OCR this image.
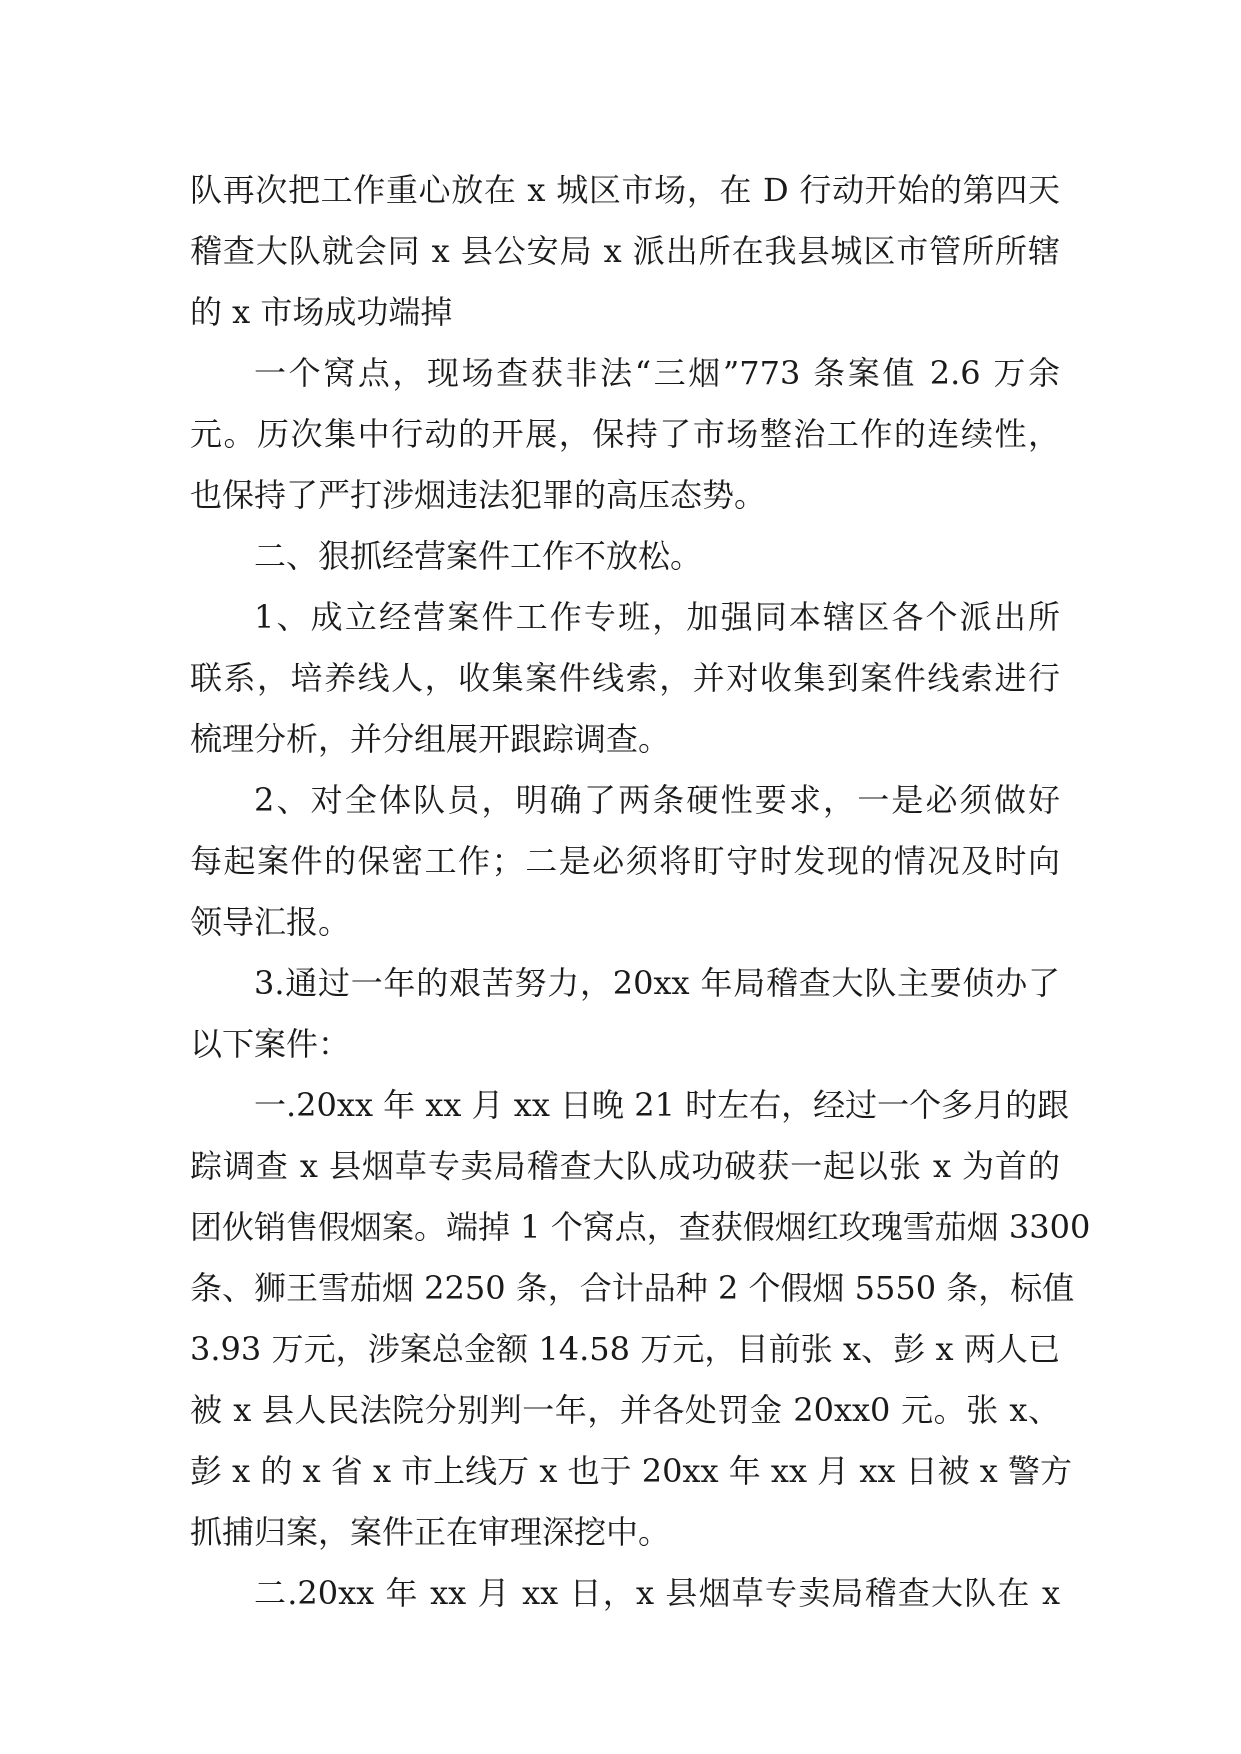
队再次把工作重心放在 x 城区市场，在 D 行动开始的第四天
稽查大队就会同 x 县公安局 x 派出所在我县城区市管所所辖
的 x 市场成功端掉
一个窝点，现场查获非法“三烟”773 条案值 2.6 万余
元。历次集中行动的开展，保持了市场整治工作的连续性，
也保持了严打涉烟违法犯罪的高压态势。
二、狠抓经营案件工作不放松。
1、成立经营案件工作专班，加强同本辖区各个派出所
联系，培养线人，收集案件线索，并对收集到案件线索进行
梳理分析，并分组展开跟踪调查。
2、对全体队员，明确了两条硬性要求，一是必须做好
每起案件的保密工作；二是必须将盯守时发现的情况及时向
领导汇报。
3.通过一年的艰苦努力，20xx 年局稽查大队主要侦办了
以下案件：
一.20xx 年 xx 月 xx 日晚 21 时左右，经过一个多月的跟
踪调查 x 县烟草专卖局稽查大队成功破获一起以张 x 为首的
团伙销售假烟案。端掉 1 个窝点，查获假烟红玫瑰雪茄烟 3300
条、狮王雪茄烟 2250 条，合计品种 2 个假烟 5550 条，标值
3.93 万元，涉案总金额 14.58 万元，目前张 x、彭 x 两人已
被 x 县人民法院分别判一年，并各处罚金 20xx0 元。张 x、
彭 x 的 x 省 x 市上线万 x 也于 20xx 年 xx 月 xx 日被 x 警方
抓捕归案，案件正在审理深挖中。
二.20xx 年 xx 月 xx 日，x 县烟草专卖局稽查大队在 x
